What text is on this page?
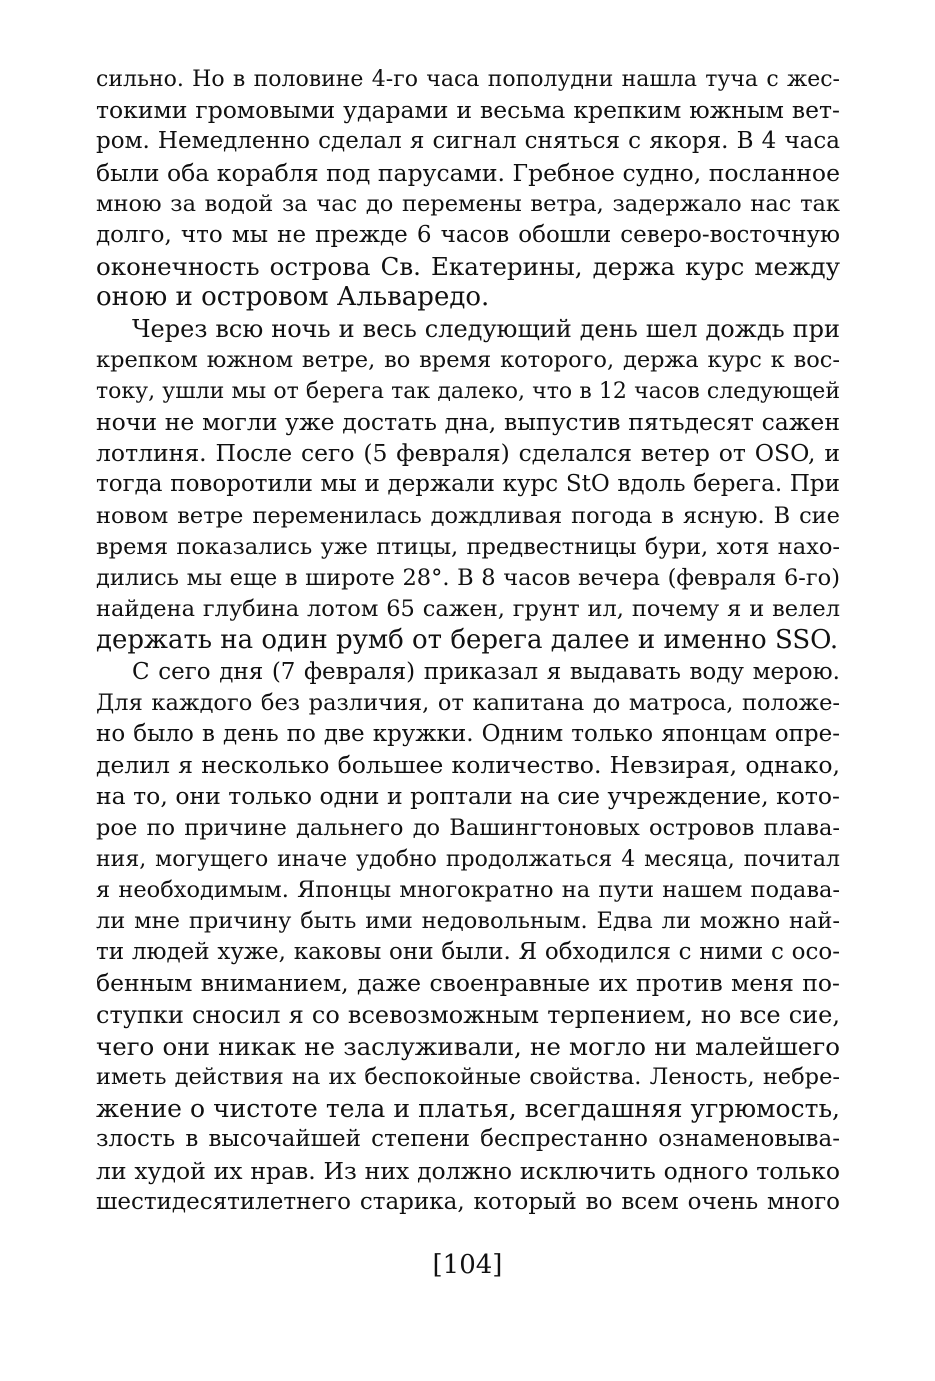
сильно. Но в половине 4-го часа пополудни нашла туча с жес-
токими громовыми ударами и весьма крепким южным вет-
ром. Немедленно сделал я сигнал сняться с якоря. В 4 часа
были оба корабля под парусами. Гребное судно, посланное
мною за водой за час до перемены ветра, задержало нас так
долго, что мы не прежде 6 часов обошли северо-восточную
оконечность острова Св. Екатерины, держа курс между
оною и островом Альваредо.
Через всю ночь и весь следующий день шел дождь при
крепком южном ветре, во время которого, держа курс к вос-
току, ушли мы от берега так далеко, что в 12 часов следующей
ночи не могли уже достать дна, выпустив пятьдесят сажен
лотлиня. После сего (5 февраля) сделался ветер от OSO, и
тогда поворотили мы и держали курс StO вдоль берега. При
новом ветре переменилась дождливая погода в ясную. В сие
время показались уже птицы, предвестницы бури, хотя нахо-
дились мы еще в широте 28°. В 8 часов вечера (февраля 6-го)
найдена глубина лотом 65 сажен, грунт ил, почему я и велел
держать на один румб от берега далее и именно SSO.
С сего дня (7 февраля) приказал я выдавать воду мерою.
Для каждого без различия, от капитана до матроса, положе-
но было в день по две кружки. Одним только японцам опре-
делил я несколько большее количество. Невзирая, однако,
на то, они только одни и роптали на сие учреждение, кото-
рое по причине дальнего до Вашингтоновых островов плава-
ния, могущего иначе удобно продолжаться 4 месяца, почитал
я необходимым. Японцы многократно на пути нашем подава-
ли мне причину быть ими недовольным. Едва ли можно най-
ти людей хуже, каковы они были. Я обходился с ними с осо-
бенным вниманием, даже своенравные их против меня по-
ступки сносил я со всевозможным терпением, но все сие,
чего они никак не заслуживали, не могло ни малейшего
иметь действия на их беспокойные свойства. Леность, небре-
жение о чистоте тела и платья, всегдашняя угрюмость,
злость в высочайшей степени беспрестанно ознаменовыва-
ли худой их нрав. Из них должно исключить одного только
шестидесятилетнего старика, который во всем очень много
[104]
